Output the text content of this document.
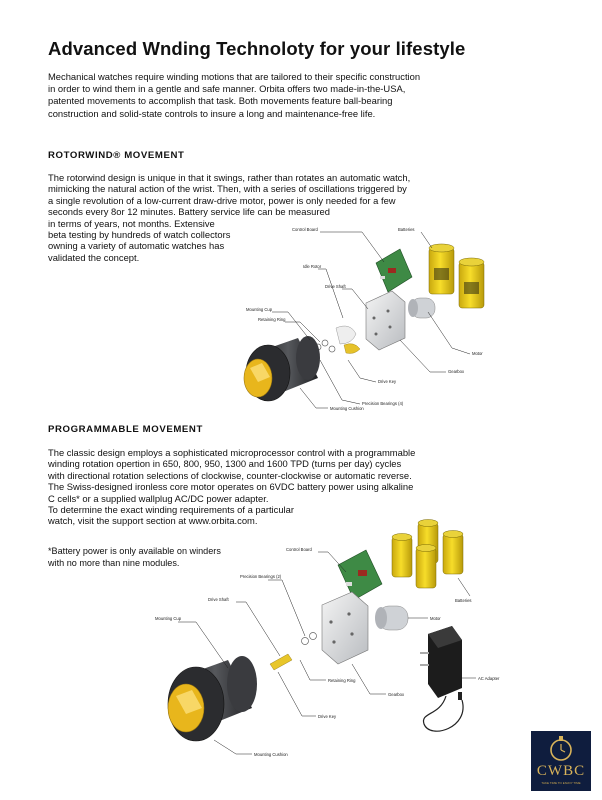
Advanced Wnding Technoloty for your lifestyle
Mechanical watches require winding motions that are tailored to their specific construction
in order to wind them in a gentle and safe manner. Orbita offers two made-in-the-USA,
patented movements to accomplish that task. Both movements feature ball-bearing
construction and solid-state controls to insure a long and maintenance-free life.
ROTORWIND® MOVEMENT
The rotorwind design is unique in that it swings, rather than rotates an automatic watch,
mimicking the natural action of the wrist. Then, with a series of oscillations triggered by
a single revolution of a low-current draw-drive motor, power is only needed for a few
seconds every 8or 12 minutes. Battery service life can be measured
in terms of years, not months. Extensive
beta testing by hundreds of watch collectors
owning a variety of automatic watches has
validated the concept.
PROGRAMMABLE MOVEMENT
The classic design employs a sophisticated microprocessor control with a programmable
winding rotation opertion in 650, 800, 950, 1300 and 1600 TPD (turns per day) cycles
with directional rotation selections of clockwise, counter-clockwise or automatic reverse.
The Swiss-designed ironless core motor operates on 6VDC battery power using alkaline
C cells* or a supplied wallplug AC/DC power adapter.
To determine the exact winding requirements of a particular
watch, visit the support section at www.orbita.com.
*Battery power is only available on winders
with no more than nine modules.
Control Board	Batteries
Idle Rotor
Drive Shaft
Mounting Cup
Retaining Ring
Motor
Gearbox
Drive Key
Precision Bearings (4)
Mounting Cushion
Control Board
Precision Bearings (2)
Drive Shaft
Mounting Cup
Batteries
Motor
Retaining Ring	AC Adapter
Gearbox
Drive Key
Mounting Cushion
CWBC
TAKE TIME TO ENJOY TIME
